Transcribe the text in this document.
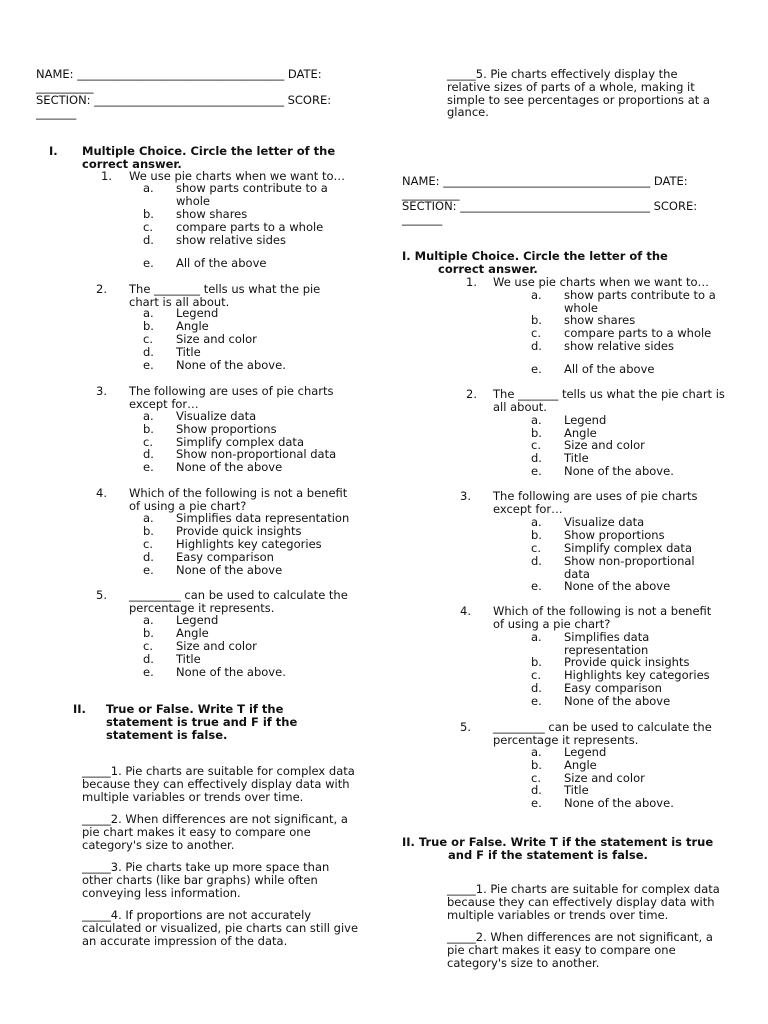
NAME: ____________________________________ DATE: __________
SECTION: _________________________________ SCORE: _______
I. Multiple Choice. Circle the letter of the correct answer.
1. We use pie charts when we want to…
a. show parts contribute to a whole
b. show shares
c. compare parts to a whole
d. show relative sides
e. All of the above
2. The ________ tells us what the pie chart is all about.
a. Legend
b. Angle
c. Size and color
d. Title
e. None of the above.
3. The following are uses of pie charts except for…
a. Visualize data
b. Show proportions
c. Simplify complex data
d. Show non-proportional data
e. None of the above
4. Which of the following is not a benefit of using a pie chart?
a. Simplifies data representation
b. Provide quick insights
c. Highlights key categories
d. Easy comparison
e. None of the above
5. _________ can be used to calculate the percentage it represents.
a. Legend
b. Angle
c. Size and color
d. Title
e. None of the above.
II. True or False. Write T if the statement is true and F if the statement is false.
_____1. Pie charts are suitable for complex data because they can effectively display data with multiple variables or trends over time.
_____2. When differences are not significant, a pie chart makes it easy to compare one category's size to another.
_____3. Pie charts take up more space than other charts (like bar graphs) while often conveying less information.
_____4. If proportions are not accurately calculated or visualized, pie charts can still give an accurate impression of the data.
_____5. Pie charts effectively display the relative sizes of parts of a whole, making it simple to see percentages or proportions at a glance.
NAME: ____________________________________ DATE: __________
SECTION: _________________________________ SCORE: _______
I. Multiple Choice. Circle the letter of the
correct answer.
1. We use pie charts when we want to…
a. show parts contribute to a whole
b. show shares
c. compare parts to a whole
d. show relative sides
e. All of the above
2. The _______ tells us what the pie chart is all about.
a. Legend
b. Angle
c. Size and color
d. Title
e. None of the above.
3. The following are uses of pie charts except for…
a. Visualize data
b. Show proportions
c. Simplify complex data
d. Show non-proportional data
e. None of the above
4. Which of the following is not a benefit of using a pie chart?
a. Simplifies data representation
b. Provide quick insights
c. Highlights key categories
d. Easy comparison
e. None of the above
5. _________ can be used to calculate the percentage it represents.
a. Legend
b. Angle
c. Size and color
d. Title
e. None of the above.
II. True or False. Write T if the statement is true
and F if the statement is false.
_____1. Pie charts are suitable for complex data because they can effectively display data with multiple variables or trends over time.
_____2. When differences are not significant, a pie chart makes it easy to compare one category's size to another.
